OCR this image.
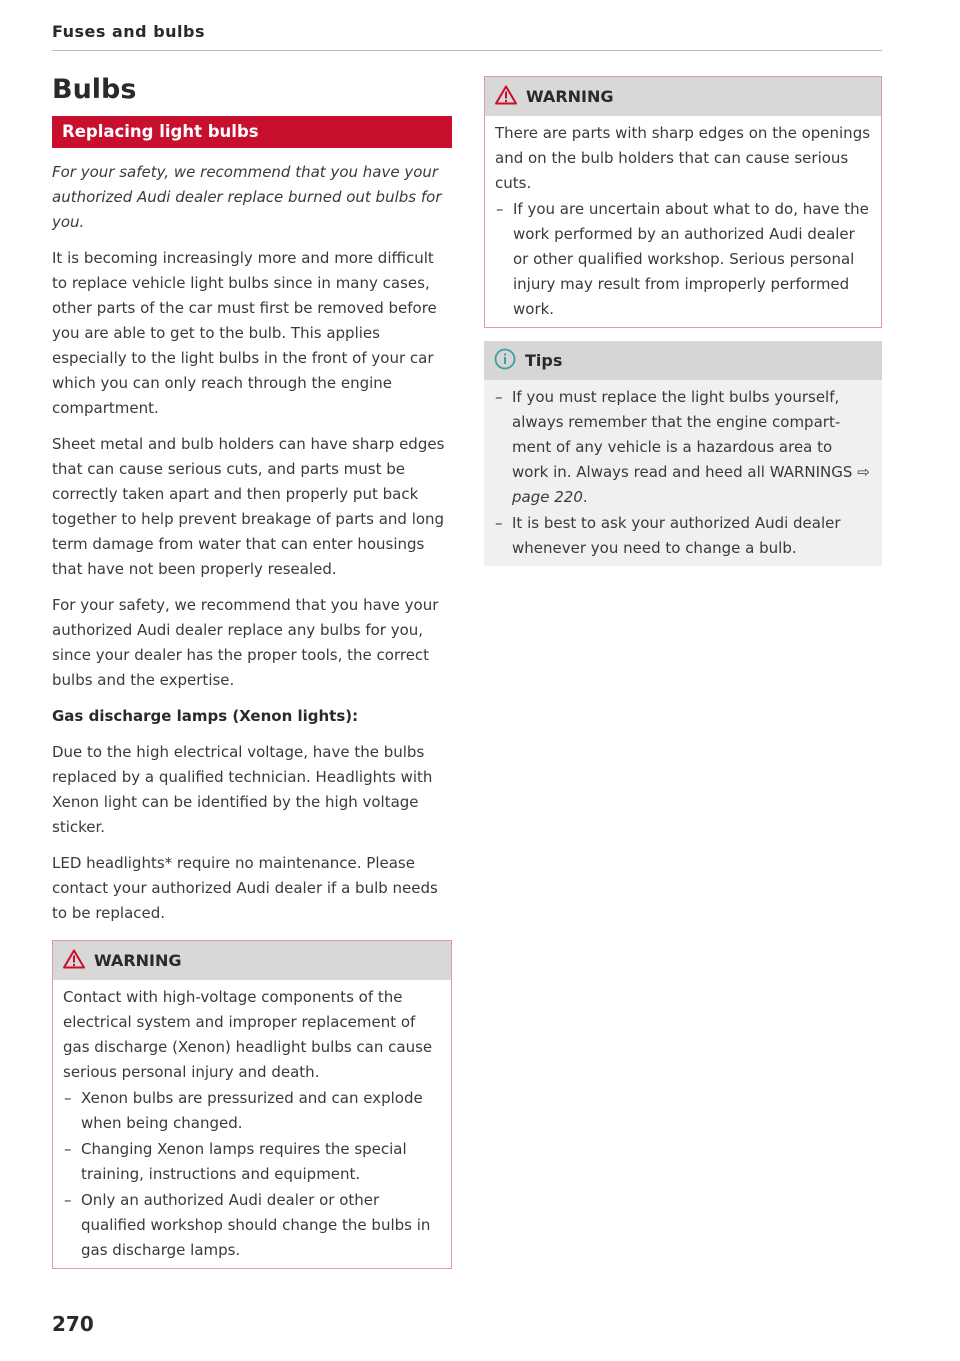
Fuses and bulbs
Bulbs
Replacing light bulbs

For your safety, we recommend that you have your authorized Audi dealer replace burned out bulbs for you.

It is becoming increasingly more and more difficult to replace vehicle light bulbs since in many cases, other parts of the car must first be removed before you are able to get to the bulb. This applies especially to the light bulbs in the front of your car which you can only reach through the engine compartment.

Sheet metal and bulb holders can have sharp edges that can cause serious cuts, and parts must be correctly taken apart and then properly put back together to help prevent breakage of parts and long term damage from water that can enter housings that have not been properly resealed.

For your safety, we recommend that you have your authorized Audi dealer replace any bulbs for you, since your dealer has the proper tools, the correct bulbs and the expertise.

Gas discharge lamps (Xenon lights):

Due to the high electrical voltage, have the bulbs replaced by a qualified technician. Headlights with Xenon light can be identified by the high voltage sticker.

LED headlights* require no maintenance. Please contact your authorized Audi dealer if a bulb needs to be replaced.

WARNING

Contact with high-voltage components of the electrical system and improper replacement of gas discharge (Xenon) headlight bulbs can cause serious personal injury and death.

– Xenon bulbs are pressurized and can explode when being changed.
– Changing Xenon lamps requires the special training, instructions and equipment.
– Only an authorized Audi dealer or other qualified workshop should change the bulbs in gas discharge lamps.
WARNING

There are parts with sharp edges on the openings and on the bulb holders that can cause serious cuts.

– If you are uncertain about what to do, have the work performed by an authorized Audi dealer or other qualified workshop. Serious personal injury may result from improperly performed work.
Tips
– If you must replace the light bulbs yourself, always remember that the engine compartment of any vehicle is a hazardous area to work in. Always read and heed all WARNINGS ⇨ page 220.
– It is best to ask your authorized Audi dealer whenever you need to change a bulb.
270
